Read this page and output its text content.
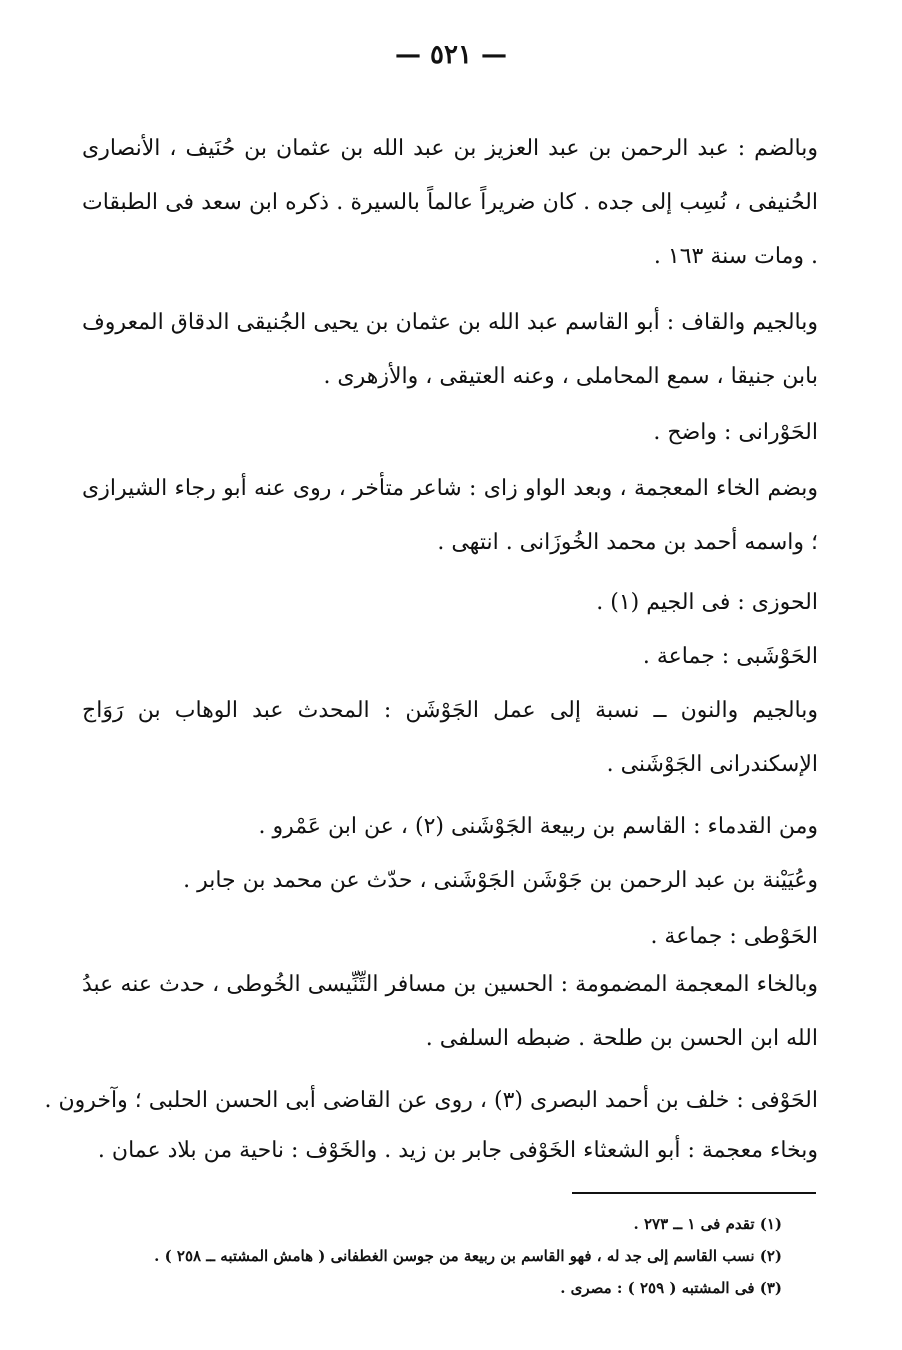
— ٥٢١ —

وبالضم : عبد الرحمن بن عبد العزيز بن عبد الله بن عثمان بن حُنَيف ، الأنصارى الحُنيفى ، نُسِب إلى جده . كان ضريراً عالماً بالسيرة . ذكره ابن سعد فى الطبقات . ومات سنة ١٦٣ .

وبالجيم والقاف : أبو القاسم عبد الله بن عثمان بن يحيى الجُنيقى الدقاق المعروف بابن جنيقا ، سمع المحاملى ، وعنه العتيقى ، والأزهرى .

الحَوْرانى : واضح .

وبضم الخاء المعجمة ، وبعد الواو زاى : شاعر متأخر ، روى عنه أبو رجاء الشيرازى ؛ واسمه أحمد بن محمد الخُوزَانى . انتهى .

الحوزى : فى الجيم (١) .

الحَوْشَبى : جماعة .

وبالجيم والنون ــ نسبة إلى عمل الجَوْشَن : المحدث عبد الوهاب بن رَوَاج الإسكندرانى الجَوْشَنى .

ومن القدماء : القاسم بن ربيعة الجَوْشَنى (٢) ، عن ابن عَمْرو .

وعُيَيْنة بن عبد الرحمن بن جَوْشَن الجَوْشَنى ، حدّث عن محمد بن جابر .

الحَوْطى : جماعة .

وبالخاء المعجمة المضمومة : الحسين بن مسافر التِّنِّيسى الخُوطى ، حدث عنه عبدُ الله ابن الحسن بن طلحة . ضبطه السلفى .

الحَوْفى : خلف بن أحمد البصرى (٣) ، روى عن القاضى أبى الحسن الحلبى ؛ وآخرون .

وبخاء معجمة : أبو الشعثاء الخَوْفى جابر بن زيد . والخَوْف : ناحية من بلاد عمان .

(١) تقدم فى ١ ــ ٢٧٣ .

(٢) نسب القاسم إلى جد له ، فهو القاسم بن ربيعة من جوسن الغطفانى ( هامش المشتبه ــ ٢٥٨ ) .

(٣) فى المشتبه ( ٢٥٩ ) : مصرى .
